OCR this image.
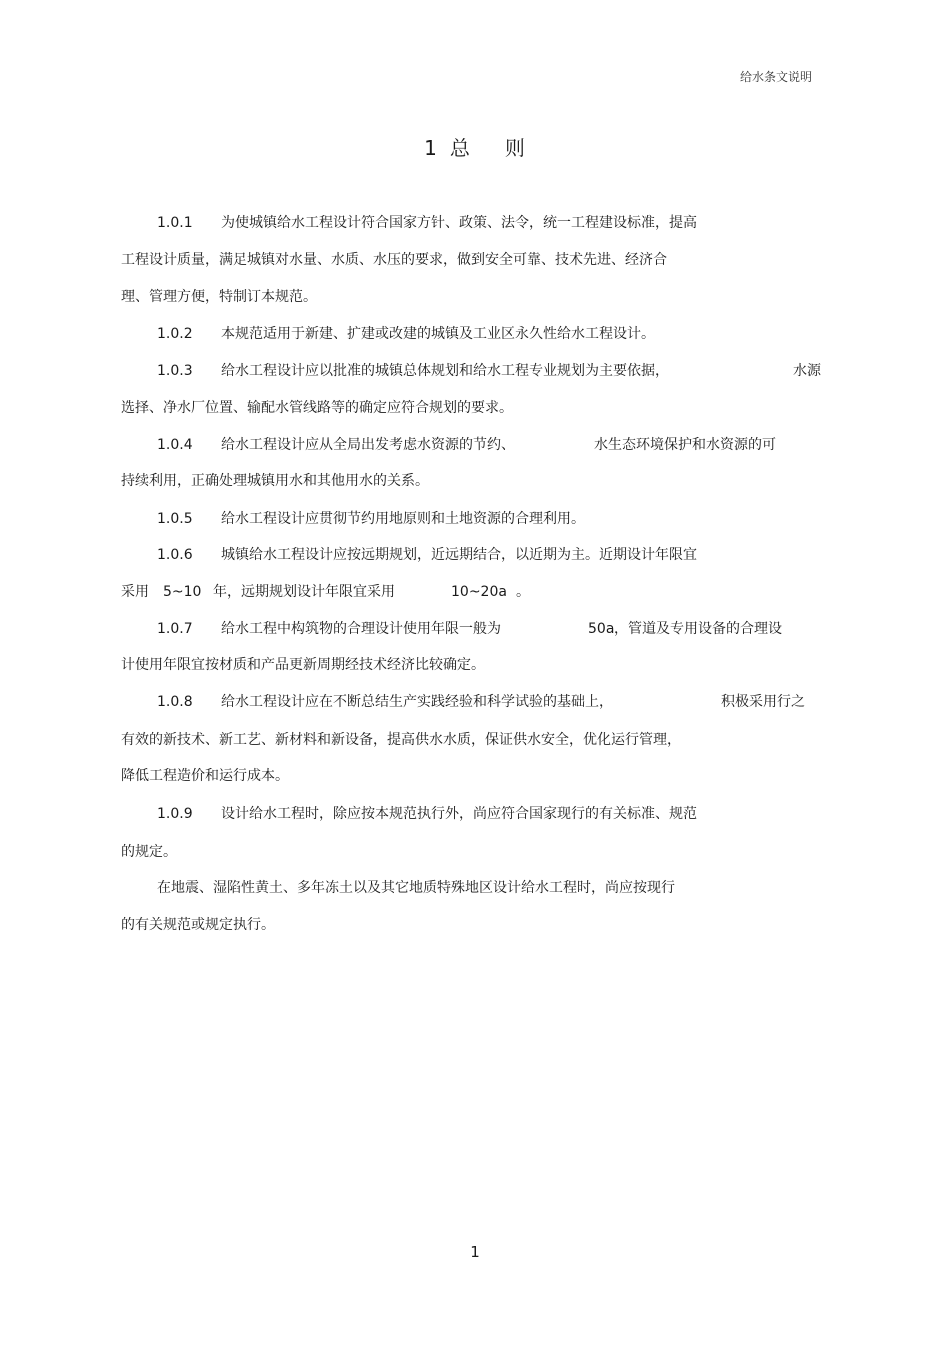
给水条文说明
1 总 则
1.0.1 为使城镇给水工程设计符合国家方针、政策、法令，统一工程建设标准，提高
工程设计质量，满足城镇对水量、水质、水压的要求，做到安全可靠、技术先进、经济合
理、管理方便，特制订本规范。
1.0.2 本规范适用于新建、扩建或改建的城镇及工业区永久性给水工程设计。
1.0.3 给水工程设计应以批准的城镇总体规划和给水工程专业规划为主要依据，	水源
选择、净水厂位置、输配水管线路等的确定应符合规划的要求。
1.0.4 给水工程设计应从全局出发考虑水资源的节约、	水生态环境保护和水资源的可
持续利用，正确处理城镇用水和其他用水的关系。
1.0.5 给水工程设计应贯彻节约用地原则和土地资源的合理利用。
1.0.6 城镇给水工程设计应按远期规划，近远期结合，以近期为主。近期设计年限宜
采用 5~10 年，远期规划设计年限宜采用	10~20a 。
1.0.7 给水工程中构筑物的合理设计使用年限一般为	50a ，管道及专用设备的合理设
计使用年限宜按材质和产品更新周期经技术经济比较确定。
1.0.8 给水工程设计应在不断总结生产实践经验和科学试验的基础上，	积极采用行之
有效的新技术、新工艺、新材料和新设备，提高供水水质，保证供水安全，优化运行管理，
降低工程造价和运行成本。
1.0.9 设计给水工程时，除应按本规范执行外，尚应符合国家现行的有关标准、规范
的规定。
在地震、湿陷性黄土、多年冻土以及其它地质特殊地区设计给水工程时，尚应按现行
的有关规范或规定执行。
1
